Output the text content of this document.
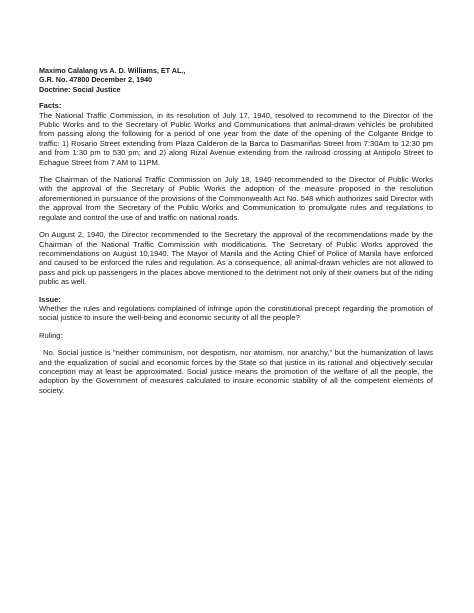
Maximo Calalang vs A. D. Williams, ET AL.,
G.R. No. 47800 December 2, 1940
Doctrine: Social Justice
Facts:

The National Traffic Commission, in its resolution of July 17, 1940, resolved to recommend to the Director of the Public Works and to the Secretary of Public Works and Communications that animal-drawn vehicles be prohibited from passing along the following for a period of one year from the date of the opening of the Colgante Bridge to traffic: 1) Rosario Street extending from Plaza Calderon de la Barca to Dasmariñas Street from 7:30Am to 12:30 pm and from 1:30 pm to 530 pm; and 2) along Rizal Avenue extending from the railroad crossing at Antipolo Street to Echague Street from 7 AM to 11PM.

The Chairman of the National Traffic Commission on July 18, 1940 recommended to the Director of Public Works with the approval of the Secretary of Public Works the adoption of the measure proposed in the resolution aforementioned in pursuance of the provisions of the Commonwealth Act No. 548 which authorizes said Director with the approval from the Secretary of the Public Works and Communication to promulgate rules and regulations to regulate and control the use of and traffic on national roads.

On August 2, 1940, the Director recommended to the Secretary the approval of the recommendations made by the Chairman of the National Traffic Commission with modifications. The Secretary of Public Works approved the recommendations on August 10,1940. The Mayor of Manila and the Acting Chief of Police of Manila have enforced and caused to be enforced the rules and regulation. As a consequence, all animal-drawn vehicles are not allowed to pass and pick up passengers in the places above mentioned to the detriment not only of their owners but of the riding public as well.

Issue:

Whether the rules and regulations complained of infringe upon the constitutional precept regarding the promotion of social justice to insure the well-being and economic security of all the people?

Ruling:

No. Social justice is “neither communism, nor despotism, nor atomism, nor anarchy,” but the humanization of laws and the equalization of social and economic forces by the State so that justice in its rational and objectively secular conception may at least be approximated. Social justice means the promotion of the welfare of all the people, the adoption by the Government of measures calculated to insure economic stability of all the competent elements of society.
